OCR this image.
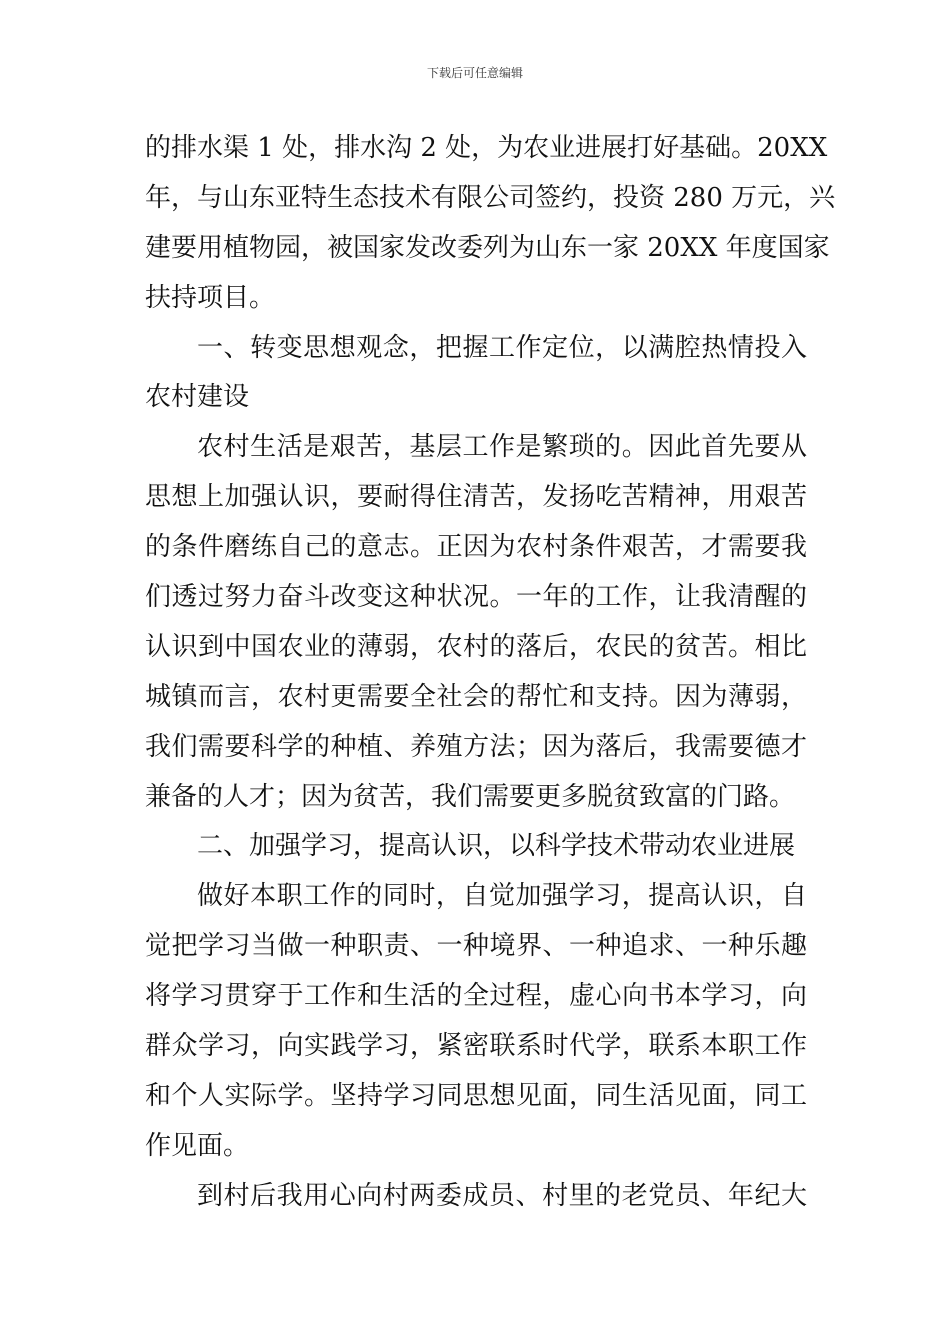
下载后可任意编辑
的排水渠 1 处，排水沟 2 处，为农业进展打好基础。20XX
年，与山东亚特生态技术有限公司签约，投资 280 万元，兴
建要用植物园，被国家发改委列为山东一家 20XX 年度国家
扶持项目。
一、转变思想观念，把握工作定位，以满腔热情投入
农村建设
农村生活是艰苦，基层工作是繁琐的。因此首先要从
思想上加强认识，要耐得住清苦，发扬吃苦精神，用艰苦
的条件磨练自己的意志。正因为农村条件艰苦，才需要我
们透过努力奋斗改变这种状况。一年的工作，让我清醒的
认识到中国农业的薄弱，农村的落后，农民的贫苦。相比
城镇而言，农村更需要全社会的帮忙和支持。因为薄弱，
我们需要科学的种植、养殖方法；因为落后，我需要德才
兼备的人才；因为贫苦，我们需要更多脱贫致富的门路。
二、加强学习，提高认识，以科学技术带动农业进展
做好本职工作的同时，自觉加强学习，提高认识，自
觉把学习当做一种职责、一种境界、一种追求、一种乐趣
将学习贯穿于工作和生活的全过程，虚心向书本学习，向
群众学习，向实践学习，紧密联系时代学，联系本职工作
和个人实际学。坚持学习同思想见面，同生活见面，同工
作见面。
到村后我用心向村两委成员、村里的老党员、年纪大
